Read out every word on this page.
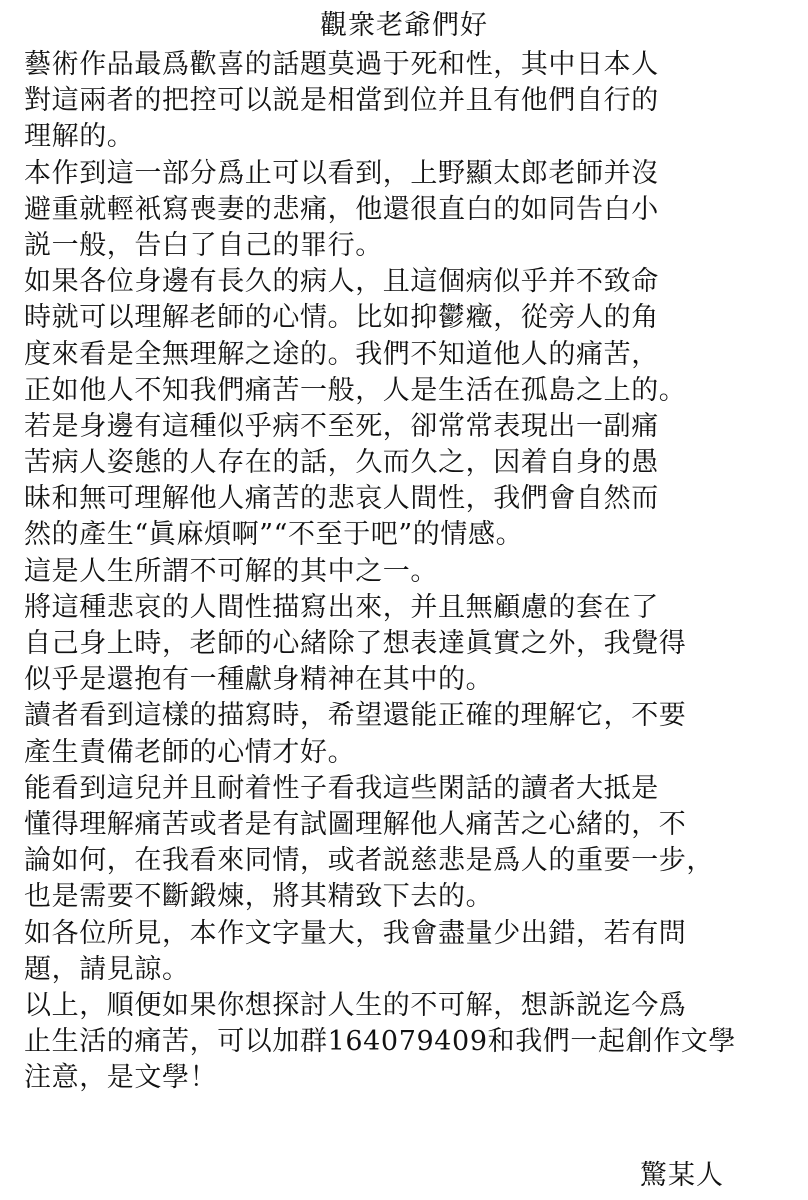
觀衆老爺們好
藝術作品最爲歡喜的話題莫過于死和性，其中日本人
對這兩者的把控可以説是相當到位并且有他們自行的
理解的。
本作到這一部分爲止可以看到，上野顯太郎老師并沒
避重就輕衹寫喪妻的悲痛，他還很直白的如同告白小
説一般，告白了自己的罪行。
如果各位身邊有長久的病人，且這個病似乎并不致命
時就可以理解老師的心情。比如抑鬱癥，從旁人的角
度來看是全無理解之途的。我們不知道他人的痛苦，
正如他人不知我們痛苦一般，人是生活在孤島之上的。
若是身邊有這種似乎病不至死，卻常常表現出一副痛
苦病人姿態的人存在的話，久而久之，因着自身的愚
昧和無可理解他人痛苦的悲哀人間性，我們會自然而
然的產生“眞麻煩啊”“不至于吧”的情感。
這是人生所謂不可解的其中之一。
將這種悲哀的人間性描寫出來，并且無顧慮的套在了
自己身上時，老師的心緒除了想表達眞實之外，我覺得
似乎是還抱有一種獻身精神在其中的。
讀者看到這樣的描寫時，希望還能正確的理解它，不要
產生責備老師的心情才好。
能看到這兒并且耐着性子看我這些閑話的讀者大抵是
懂得理解痛苦或者是有試圖理解他人痛苦之心緒的，不
論如何，在我看來同情，或者説慈悲是爲人的重要一步，
也是需要不斷鍛煉，將其精致下去的。
如各位所見，本作文字量大，我會盡量少出錯，若有問
題，請見諒。
以上，順便如果你想探討人生的不可解，想訴説迄今爲
止生活的痛苦，可以加群164079409和我們一起創作文學
注意，是文學！
驚某人
